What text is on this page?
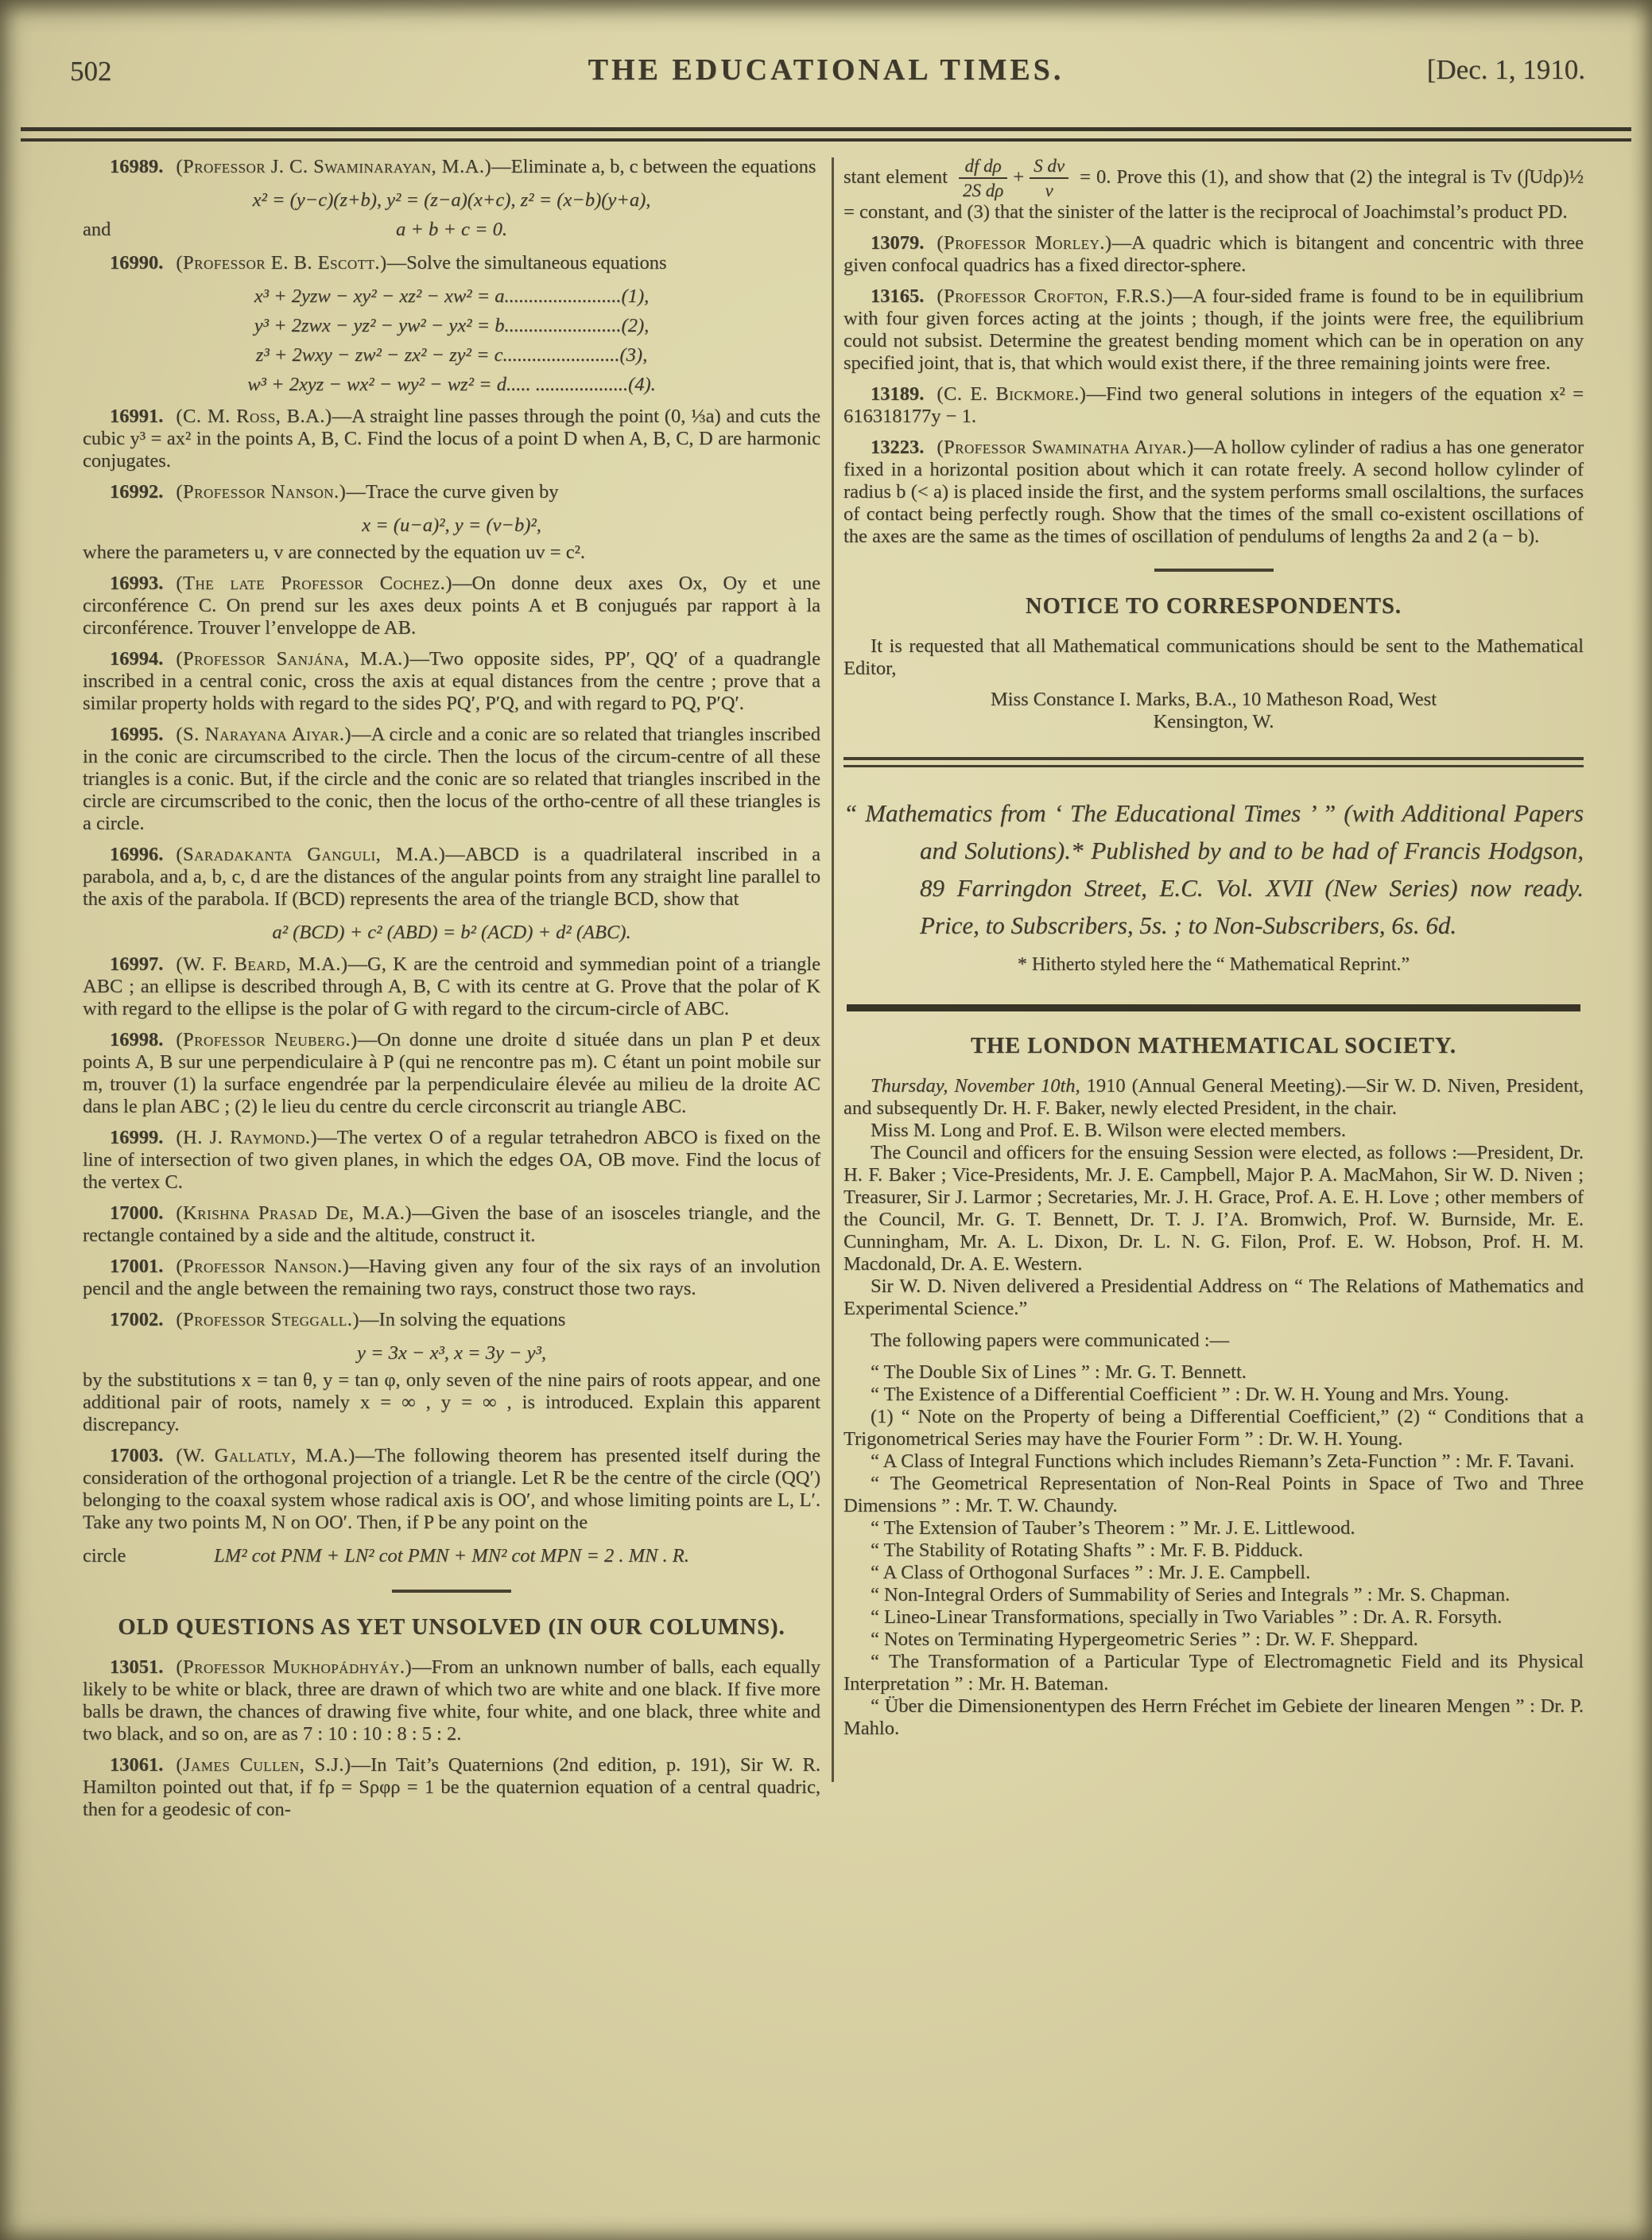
502	THE EDUCATIONAL TIMES.	[Dec. 1, 1910.

16989. (Professor J. C. Swaminarayan, M.A.)—Eliminate a, b, c between the equations

x² = (y−c)(z+b), y² = (z−a)(x+c), z² = (x−b)(y+a),
and	a + b + c = 0.

16990. (Professor E. B. Escott.)—Solve the simultaneous equations

x³ + 2yzw − xy² − xz² − xw² = a........................(1),
y³ + 2zwx − yz² − yw² − yx² = b........................(2),
z³ + 2wxy − zw² − zx² − zy² = c........................(3),
w³ + 2xyz − wx² − wy² − wz² = d..... ...................(4).

16991. (C. M. Ross, B.A.)—A straight line passes through the point (0, ⅓a) and cuts the cubic y³ = ax² in the points A, B, C. Find the locus of a point D when A, B, C, D are harmonic conjugates.

16992. (Professor Nanson.)—Trace the curve given by

x = (u−a)², y = (v−b)²,

where the parameters u, v are connected by the equation uv = c².

16993. (The late Professor Cochez.)—On donne deux axes Ox, Oy et une circonférence C. On prend sur les axes deux points A et B conjugués par rapport à la circonférence. Trouver l’enveloppe de AB.

16994. (Professor Sanjána, M.A.)—Two opposite sides, PP′, QQ′ of a quadrangle inscribed in a central conic, cross the axis at equal distances from the centre ; prove that a similar property holds with regard to the sides PQ′, P′Q, and with regard to PQ, P′Q′.

16995. (S. Narayana Aiyar.)—A circle and a conic are so related that triangles inscribed in the conic are circumscribed to the circle. Then the locus of the circum-centre of all these triangles is a conic. But, if the circle and the conic are so related that triangles inscribed in the circle are circumscribed to the conic, then the locus of the ortho-centre of all these triangles is a circle.

16996. (Saradakanta Ganguli, M.A.)—ABCD is a quadrilateral inscribed in a parabola, and a, b, c, d are the distances of the angular points from any straight line parallel to the axis of the parabola. If (BCD) represents the area of the triangle BCD, show that

a² (BCD) + c² (ABD) = b² (ACD) + d² (ABC).

16997. (W. F. Beard, M.A.)—G, K are the centroid and symmedian point of a triangle ABC ; an ellipse is described through A, B, C with its centre at G. Prove that the polar of K with regard to the ellipse is the polar of G with regard to the circum-circle of ABC.

16998. (Professor Neuberg.)—On donne une droite d située dans un plan P et deux points A, B sur une perpendiculaire à P (qui ne rencontre pas m). C étant un point mobile sur m, trouver (1) la surface engendrée par la perpendiculaire élevée au milieu de la droite AC dans le plan ABC ; (2) le lieu du centre du cercle circonscrit au triangle ABC.

16999. (H. J. Raymond.)—The vertex O of a regular tetrahedron ABCO is fixed on the line of intersection of two given planes, in which the edges OA, OB move. Find the locus of the vertex C.

17000. (Krishna Prasad De, M.A.)—Given the base of an isosceles triangle, and the rectangle contained by a side and the altitude, construct it.

17001. (Professor Nanson.)—Having given any four of the six rays of an involution pencil and the angle between the remaining two rays, construct those two rays.

17002. (Professor Steggall.)—In solving the equations

y = 3x − x³, x = 3y − y³,

by the substitutions x = tan θ, y = tan φ, only seven of the nine pairs of roots appear, and one additional pair of roots, namely x = ∞ , y = ∞ , is introduced. Explain this apparent discrepancy.

17003. (W. Gallatly, M.A.)—The following theorem has presented itself during the consideration of the orthogonal projection of a triangle. Let R be the centre of the circle (QQ′) belonging to the coaxal system whose radical axis is OO′, and whose limiting points are L, L′. Take any two points M, N on OO′. Then, if P be any point on the

circle	LM² cot PNM + LN² cot PMN + MN² cot MPN = 2 . MN . R.
OLD QUESTIONS AS YET UNSOLVED (IN OUR COLUMNS).

13051. (Professor Mukhopádhyáy.)—From an unknown number of balls, each equally likely to be white or black, three are drawn of which two are white and one black. If five more balls be drawn, the chances of drawing five white, four white, and one black, three white and two black, and so on, are as 7 : 10 : 10 : 8 : 5 : 2.

13061. (James Cullen, S.J.)—In Tait’s Quaternions (2nd edition, p. 191), Sir W. R. Hamilton pointed out that, if fρ = Sρφρ = 1 be the quaternion equation of a central quadric, then for a geodesic of con-

stant element $\frac{\text{df dρ}}{\text{2S dρ}} + \frac{\text{S dν}}{\nu} = 0$. Prove this (1), and show that (2) the integral is Tν (∫Udρ)½ = constant, and (3) that the sinister of the latter is the reciprocal of Joachimstal’s product PD.

13079. (Professor Morley.)—A quadric which is bitangent and concentric with three given confocal quadrics has a fixed director-sphere.

13165. (Professor Crofton, F.R.S.)—A four-sided frame is found to be in equilibrium with four given forces acting at the joints ; though, if the joints were free, the equilibrium could not subsist. Determine the greatest bending moment which can be in operation on any specified joint, that is, that which would exist there, if the three remaining joints were free.

13189. (C. E. Bickmore.)—Find two general solutions in integers of the equation x² = 616318177y − 1.

13223. (Professor Swaminatha Aiyar.)—A hollow cylinder of radius a has one generator fixed in a horizontal position about which it can rotate freely. A second hollow cylinder of radius b (< a) is placed inside the first, and the system performs small oscilaltions, the surfaces of contact being perfectly rough. Show that the times of the small co-existent oscillations of the axes are the same as the times of oscillation of pendulums of lengths 2a and 2 (a − b).

NOTICE TO CORRESPONDENTS.

It is requested that all Mathematical communications should be sent to the Mathematical Editor,

Miss Constance I. Marks, B.A., 10 Matheson Road, West

Kensington, W.

“ Mathematics from ‘ The Educational Times ’ ” (with Additional Papers and Solutions).* Published by and to be had of Francis Hodgson, 89 Farringdon Street, E.C. Vol. XVII (New Series) now ready. Price, to Subscribers, 5s. ; to Non-Subscribers, 6s. 6d.

* Hitherto styled here the “ Mathematical Reprint.”

THE LONDON MATHEMATICAL SOCIETY.

Thursday, November 10th, 1910 (Annual General Meeting).—Sir W. D. Niven, President, and subsequently Dr. H. F. Baker, newly elected President, in the chair.

Miss M. Long and Prof. E. B. Wilson were elected members.

The Council and officers for the ensuing Session were elected, as follows :—President, Dr. H. F. Baker ; Vice-Presidents, Mr. J. E. Campbell, Major P. A. MacMahon, Sir W. D. Niven ; Treasurer, Sir J. Larmor ; Secretaries, Mr. J. H. Grace, Prof. A. E. H. Love ; other members of the Council, Mr. G. T. Bennett, Dr. T. J. I’A. Bromwich, Prof. W. Burnside, Mr. E. Cunningham, Mr. A. L. Dixon, Dr. L. N. G. Filon, Prof. E. W. Hobson, Prof. H. M. Macdonald, Dr. A. E. Western.

Sir W. D. Niven delivered a Presidential Address on “ The Relations of Mathematics and Experimental Science.”

The following papers were communicated :—

“ The Double Six of Lines ” : Mr. G. T. Bennett.

“ The Existence of a Differential Coefficient ” : Dr. W. H. Young and Mrs. Young.

(1) “ Note on the Property of being a Differential Coefficient,” (2) “ Conditions that a Trigonometrical Series may have the Fourier Form ” : Dr. W. H. Young.

“ A Class of Integral Functions which includes Riemann’s Zeta-Function ” : Mr. F. Tavani.

“ The Geometrical Representation of Non-Real Points in Space of Two and Three Dimensions ” : Mr. T. W. Chaundy.

“ The Extension of Tauber’s Theorem : ” Mr. J. E. Littlewood.

“ The Stability of Rotating Shafts ” : Mr. F. B. Pidduck.

“ A Class of Orthogonal Surfaces ” : Mr. J. E. Campbell.

“ Non-Integral Orders of Summability of Series and Integrals ” : Mr. S. Chapman.

“ Lineo-Linear Transformations, specially in Two Variables ” : Dr. A. R. Forsyth.

“ Notes on Terminating Hypergeometric Series ” : Dr. W. F. Sheppard.

“ The Transformation of a Particular Type of Electromagnetic Field and its Physical Interpretation ” : Mr. H. Bateman.

“ Über die Dimensionentypen des Herrn Fréchet im Gebiete der linearen Mengen ” : Dr. P. Mahlo.
